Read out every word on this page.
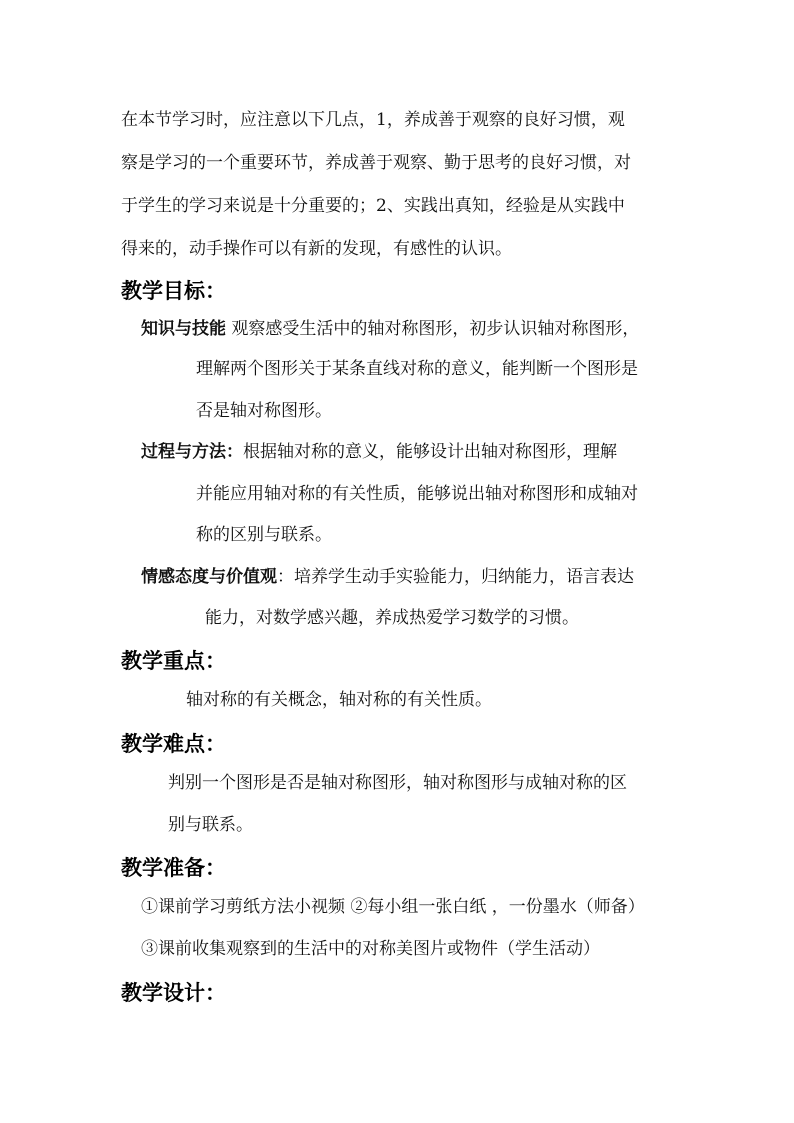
在本节学习时，应注意以下几点，1，养成善于观察的良好习惯，观
察是学习的一个重要环节，养成善于观察、勤于思考的良好习惯，对
于学生的学习来说是十分重要的；2、实践出真知，经验是从实践中
得来的，动手操作可以有新的发现，有感性的认识。
教学目标：
知识与技能 观察感受生活中的轴对称图形，初步认识轴对称图形，
理解两个图形关于某条直线对称的意义，能判断一个图形是
否是轴对称图形。
过程与方法：根据轴对称的意义，能够设计出轴对称图形，理解
并能应用轴对称的有关性质，能够说出轴对称图形和成轴对
称的区别与联系。
情感态度与价值观：培养学生动手实验能力，归纳能力，语言表达
能力，对数学感兴趣，养成热爱学习数学的习惯。
教学重点：
轴对称的有关概念，轴对称的有关性质。
教学难点：
判别一个图形是否是轴对称图形，轴对称图形与成轴对称的区
别与联系。
教学准备：
①课前学习剪纸方法小视频 ②每小组一张白纸 ，一份墨水（师备）
③课前收集观察到的生活中的对称美图片或物件（学生活动）
教学设计：
